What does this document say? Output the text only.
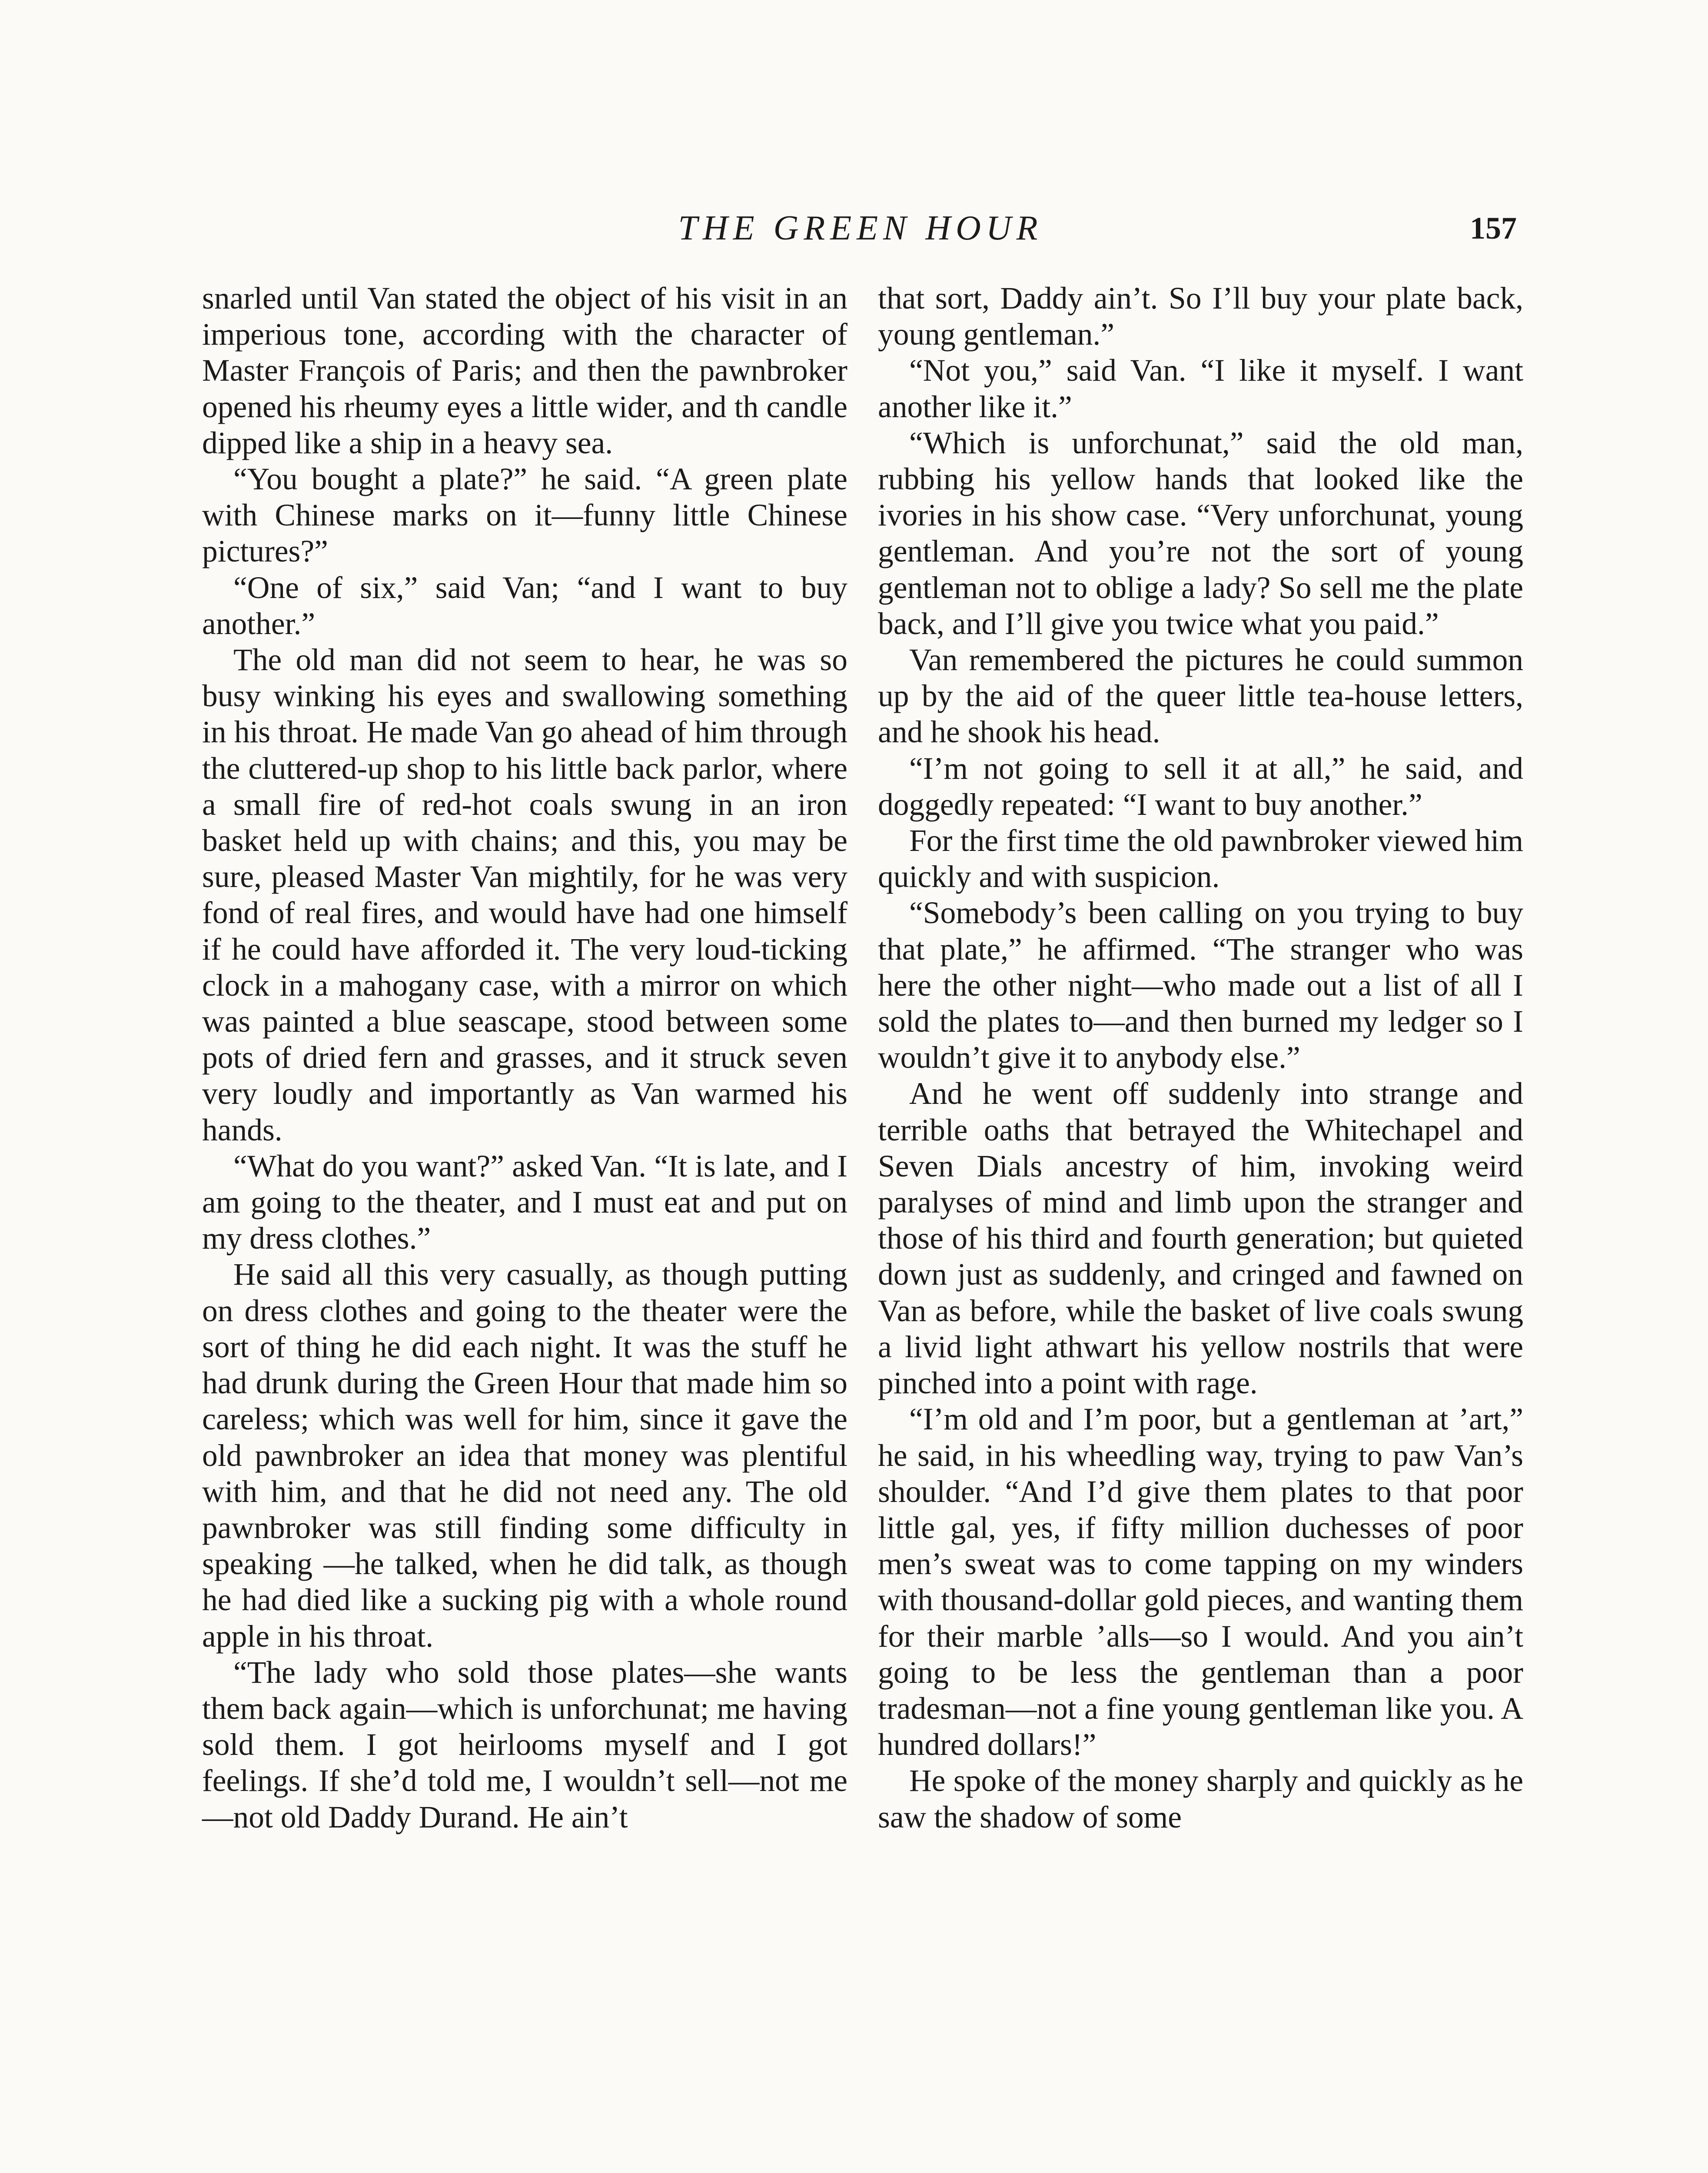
THE GREEN HOUR	157

snarled until Van stated the object of his visit in an imperious tone, according with the character of Master François of Paris; and then the pawnbroker opened his rheumy eyes a little wider, and th candle dipped like a ship in a heavy sea.

“You bought a plate?” he said. “A green plate with Chinese marks on it—funny little Chinese pictures?”

“One of six,” said Van; “and I want to buy another.”

The old man did not seem to hear, he was so busy winking his eyes and swallowing something in his throat. He made Van go ahead of him through the cluttered-up shop to his little back parlor, where a small fire of red-hot coals swung in an iron basket held up with chains; and this, you may be sure, pleased Master Van mightily, for he was very fond of real fires, and would have had one himself if he could have afforded it. The very loud-ticking clock in a mahogany case, with a mirror on which was painted a blue seascape, stood between some pots of dried fern and grasses, and it struck seven very loudly and importantly as Van warmed his hands.

“What do you want?” asked Van. “It is late, and I am going to the theater, and I must eat and put on my dress clothes.”

He said all this very casually, as though putting on dress clothes and going to the theater were the sort of thing he did each night. It was the stuff he had drunk during the Green Hour that made him so careless; which was well for him, since it gave the old pawnbroker an idea that money was plentiful with him, and that he did not need any. The old pawnbroker was still finding some difficulty in speaking —he talked, when he did talk, as though he had died like a sucking pig with a whole round apple in his throat.

“The lady who sold those plates—she wants them back again—which is unforchunat; me having sold them. I got heirlooms myself and I got feelings. If she’d told me, I wouldn’t sell—not me—not old Daddy Durand. He ain’t

that sort, Daddy ain’t. So I’ll buy your plate back, young gentleman.”

“Not you,” said Van. “I like it myself. I want another like it.”

“Which is unforchunat,” said the old man, rubbing his yellow hands that looked like the ivories in his show case. “Very unforchunat, young gentleman. And you’re not the sort of young gentleman not to oblige a lady? So sell me the plate back, and I’ll give you twice what you paid.”

Van remembered the pictures he could summon up by the aid of the queer little tea-house letters, and he shook his head.

“I’m not going to sell it at all,” he said, and doggedly repeated: “I want to buy another.”

For the first time the old pawnbroker viewed him quickly and with suspicion.

“Somebody’s been calling on you trying to buy that plate,” he affirmed. “The stranger who was here the other night—who made out a list of all I sold the plates to—and then burned my ledger so I wouldn’t give it to anybody else.”

And he went off suddenly into strange and terrible oaths that betrayed the Whitechapel and Seven Dials ancestry of him, invoking weird paralyses of mind and limb upon the stranger and those of his third and fourth generation; but quieted down just as suddenly, and cringed and fawned on Van as before, while the basket of live coals swung a livid light athwart his yellow nostrils that were pinched into a point with rage.

“I’m old and I’m poor, but a gentleman at ’art,” he said, in his wheedling way, trying to paw Van’s shoulder. “And I’d give them plates to that poor little gal, yes, if fifty million duchesses of poor men’s sweat was to come tapping on my winders with thousand-dollar gold pieces, and wanting them for their marble ’alls—so I would. And you ain’t going to be less the gentleman than a poor tradesman—not a fine young gentleman like you. A hundred dollars!”

He spoke of the money sharply and quickly as he saw the shadow of some
